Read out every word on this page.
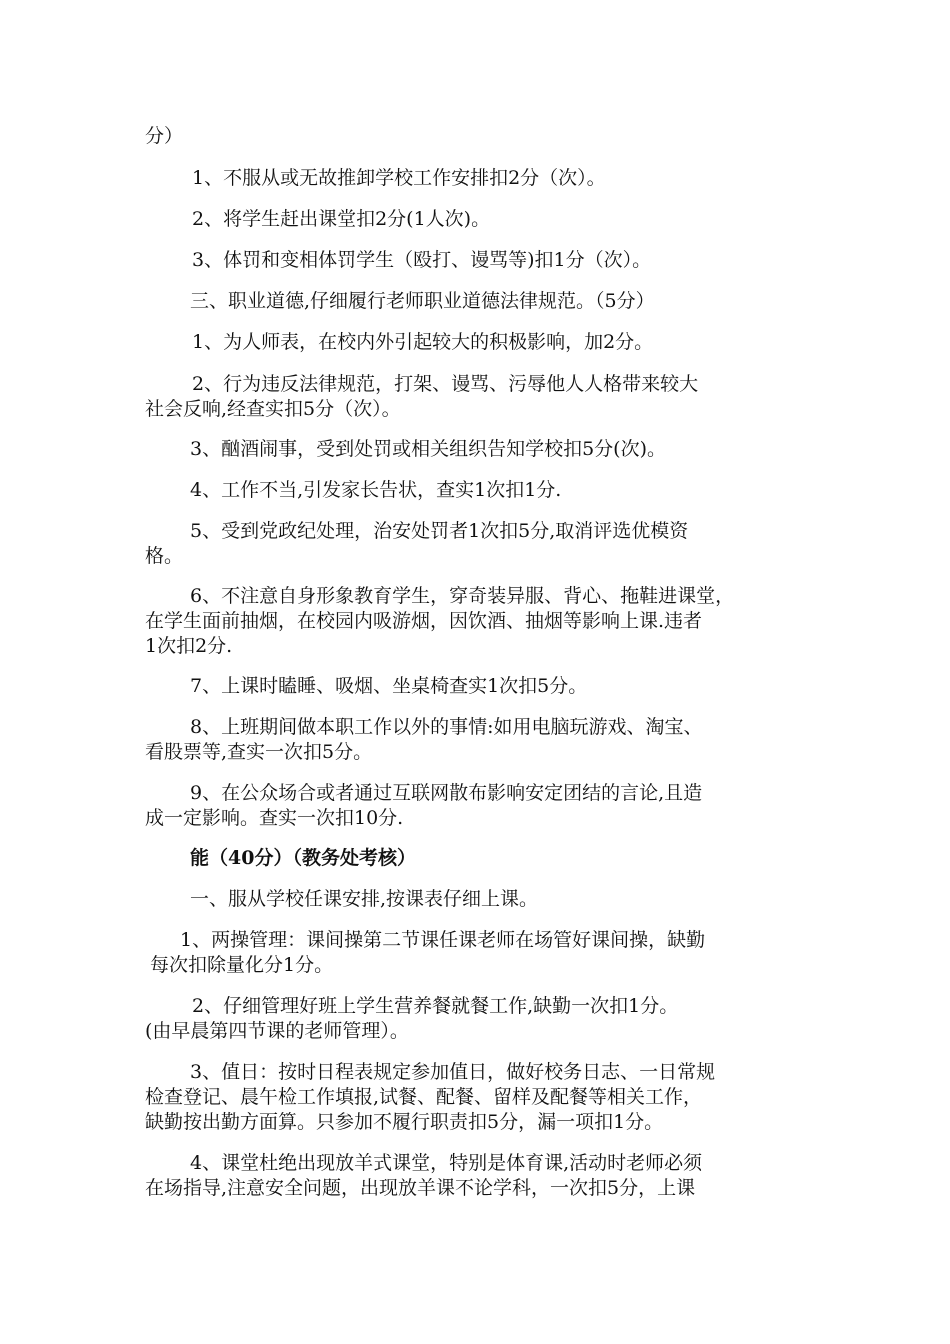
分）
1、不服从或无故推卸学校工作安排扣2分（次）。
2、将学生赶出课堂扣2分(1人次)。
3、体罚和变相体罚学生（殴打、谩骂等)扣1分（次）。
三、职业道德,仔细履行老师职业道德法律规范。（5分）
1、为人师表，在校内外引起较大的积极影响，加2分。
2、行为违反法律规范，打架、谩骂、污辱他人人格带来较大
社会反响,经查实扣5分（次）。
3、酗酒闹事，受到处罚或相关组织告知学校扣5分(次)。
4、工作不当,引发家长告状，查实1次扣1分.
5、受到党政纪处理，治安处罚者1次扣5分,取消评选优模资
格。
6、不注意自身形象教育学生，穿奇装异服、背心、拖鞋进课堂，
在学生面前抽烟，在校园内吸游烟，因饮酒、抽烟等影响上课.违者
1次扣2分.
7、上课时瞌睡、吸烟、坐桌椅查实1次扣5分。
8、上班期间做本职工作以外的事情:如用电脑玩游戏、淘宝、
看股票等,查实一次扣5分。
9、在公众场合或者通过互联网散布影响安定团结的言论,且造
成一定影响。查实一次扣10分.
能（40分）（教务处考核）
一、服从学校任课安排,按课表仔细上课。
1、两操管理：课间操第二节课任课老师在场管好课间操，缺勤
每次扣除量化分1分。
2、仔细管理好班上学生营养餐就餐工作,缺勤一次扣1分。
(由早晨第四节课的老师管理）。
3、值日：按时日程表规定参加值日，做好校务日志、一日常规
检查登记、晨午检工作填报,试餐、配餐、留样及配餐等相关工作，
缺勤按出勤方面算。只参加不履行职责扣5分，漏一项扣1分。
4、课堂杜绝出现放羊式课堂，特别是体育课,活动时老师必须
在场指导,注意安全问题，出现放羊课不论学科，一次扣5分，上课
